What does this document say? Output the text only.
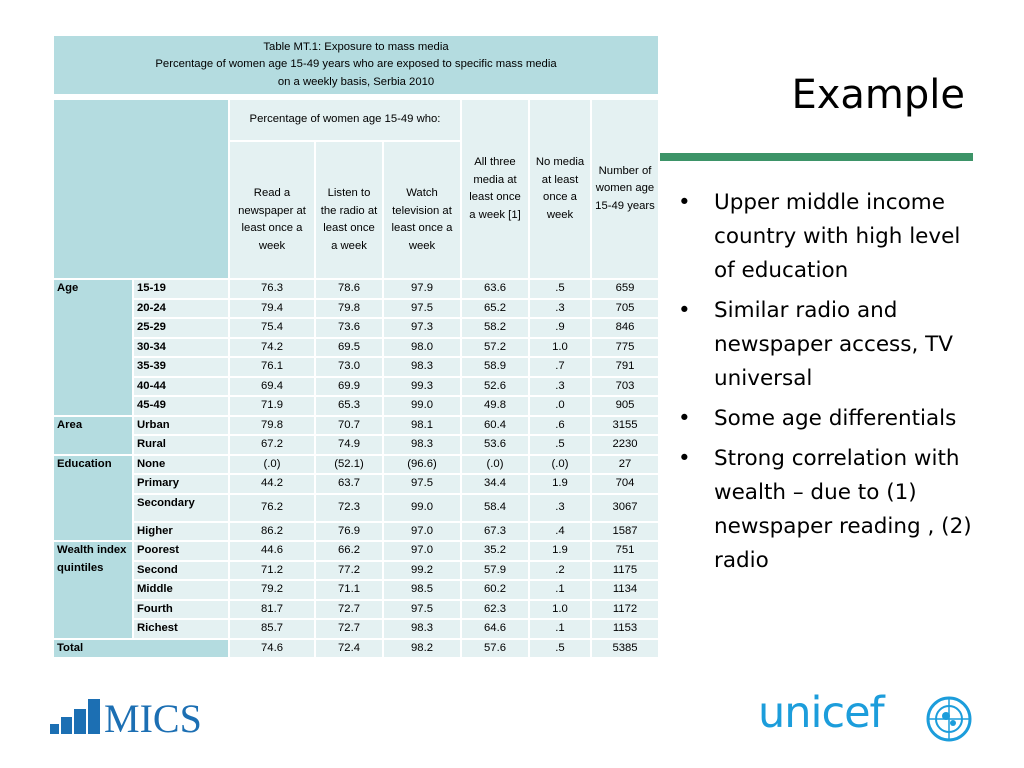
Example
• Upper middle income country with high level of education
• Similar radio and newspaper access, TV universal
• Some age differentials
• Strong correlation with wealth – due to (1) newspaper reading , (2) radio
Table MT.1: Exposure to mass media
Percentage of women age 15-49 years who are exposed to specific mass media
on a weekly basis, Serbia 2010							

		Percentage of women age 15-49 who:			All three media at least once a week [1]	No media at least once a week	Number of women age 15-49 years
		Read a newspaper at least once a week	Listen to the radio at least once a week	Watch television at least once a week			
Age	15-19	76.3	78.6	97.9	63.6	.5	659
	20-24	79.4	79.8	97.5	65.2	.3	705
	25-29	75.4	73.6	97.3	58.2	.9	846
	30-34	74.2	69.5	98.0	57.2	1.0	775
	35-39	76.1	73.0	98.3	58.9	.7	791
	40-44	69.4	69.9	99.3	52.6	.3	703
	45-49	71.9	65.3	99.0	49.8	.0	905
Area	Urban	79.8	70.7	98.1	60.4	.6	3155
	Rural	67.2	74.9	98.3	53.6	.5	2230
Education	None	(.0)	(52.1)	(96.6)	(.0)	(.0)	27
	Primary	44.2	63.7	97.5	34.4	1.9	704
	Secondary	76.2	72.3	99.0	58.4	.3	3067
	Higher	86.2	76.9	97.0	67.3	.4	1587
Wealth index quintiles	Poorest	44.6	66.2	97.0	35.2	1.9	751
	Second	71.2	77.2	99.2	57.9	.2	1175
	Middle	79.2	71.1	98.5	60.2	.1	1134
	Fourth	81.7	72.7	97.5	62.3	1.0	1172
	Richest	85.7	72.7	98.3	64.6	.1	1153
Total		74.6	72.4	98.2	57.6	.5	5385
MICS	unicef
